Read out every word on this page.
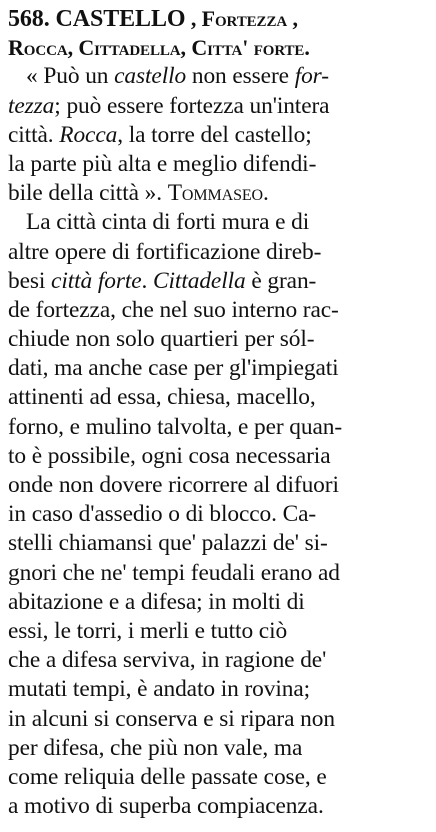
568. CASTELLO , Fortezza ,
Rocca, Cittadella, Citta' forte.
« Può un castello non essere for-
tezza; può essere fortezza un'intera
città. Rocca, la torre del castello;
la parte più alta e meglio difendi-
bile della città ». Tommaseo.
La città cinta di forti mura e di
altre opere di fortificazione direb-
besi città forte. Cittadella è gran-
de fortezza, che nel suo interno rac-
chiude non solo quartieri per sól-
dati, ma anche case per gl'impiegati
attinenti ad essa, chiesa, macello,
forno, e mulino talvolta, e per quan-
to è possibile, ogni cosa necessaria
onde non dovere ricorrere al difuori
in caso d'assedio o di blocco. Ca-
stelli chiamansi que' palazzi de' si-
gnori che ne' tempi feudali erano ad
abitazione e a difesa; in molti di
essi, le torri, i merli e tutto ciò
che a difesa serviva, in ragione de'
mutati tempi, è andato in rovina;
in alcuni si conserva e si ripara non
per difesa, che più non vale, ma
come reliquia delle passate cose, e
a motivo di superba compiacenza.
